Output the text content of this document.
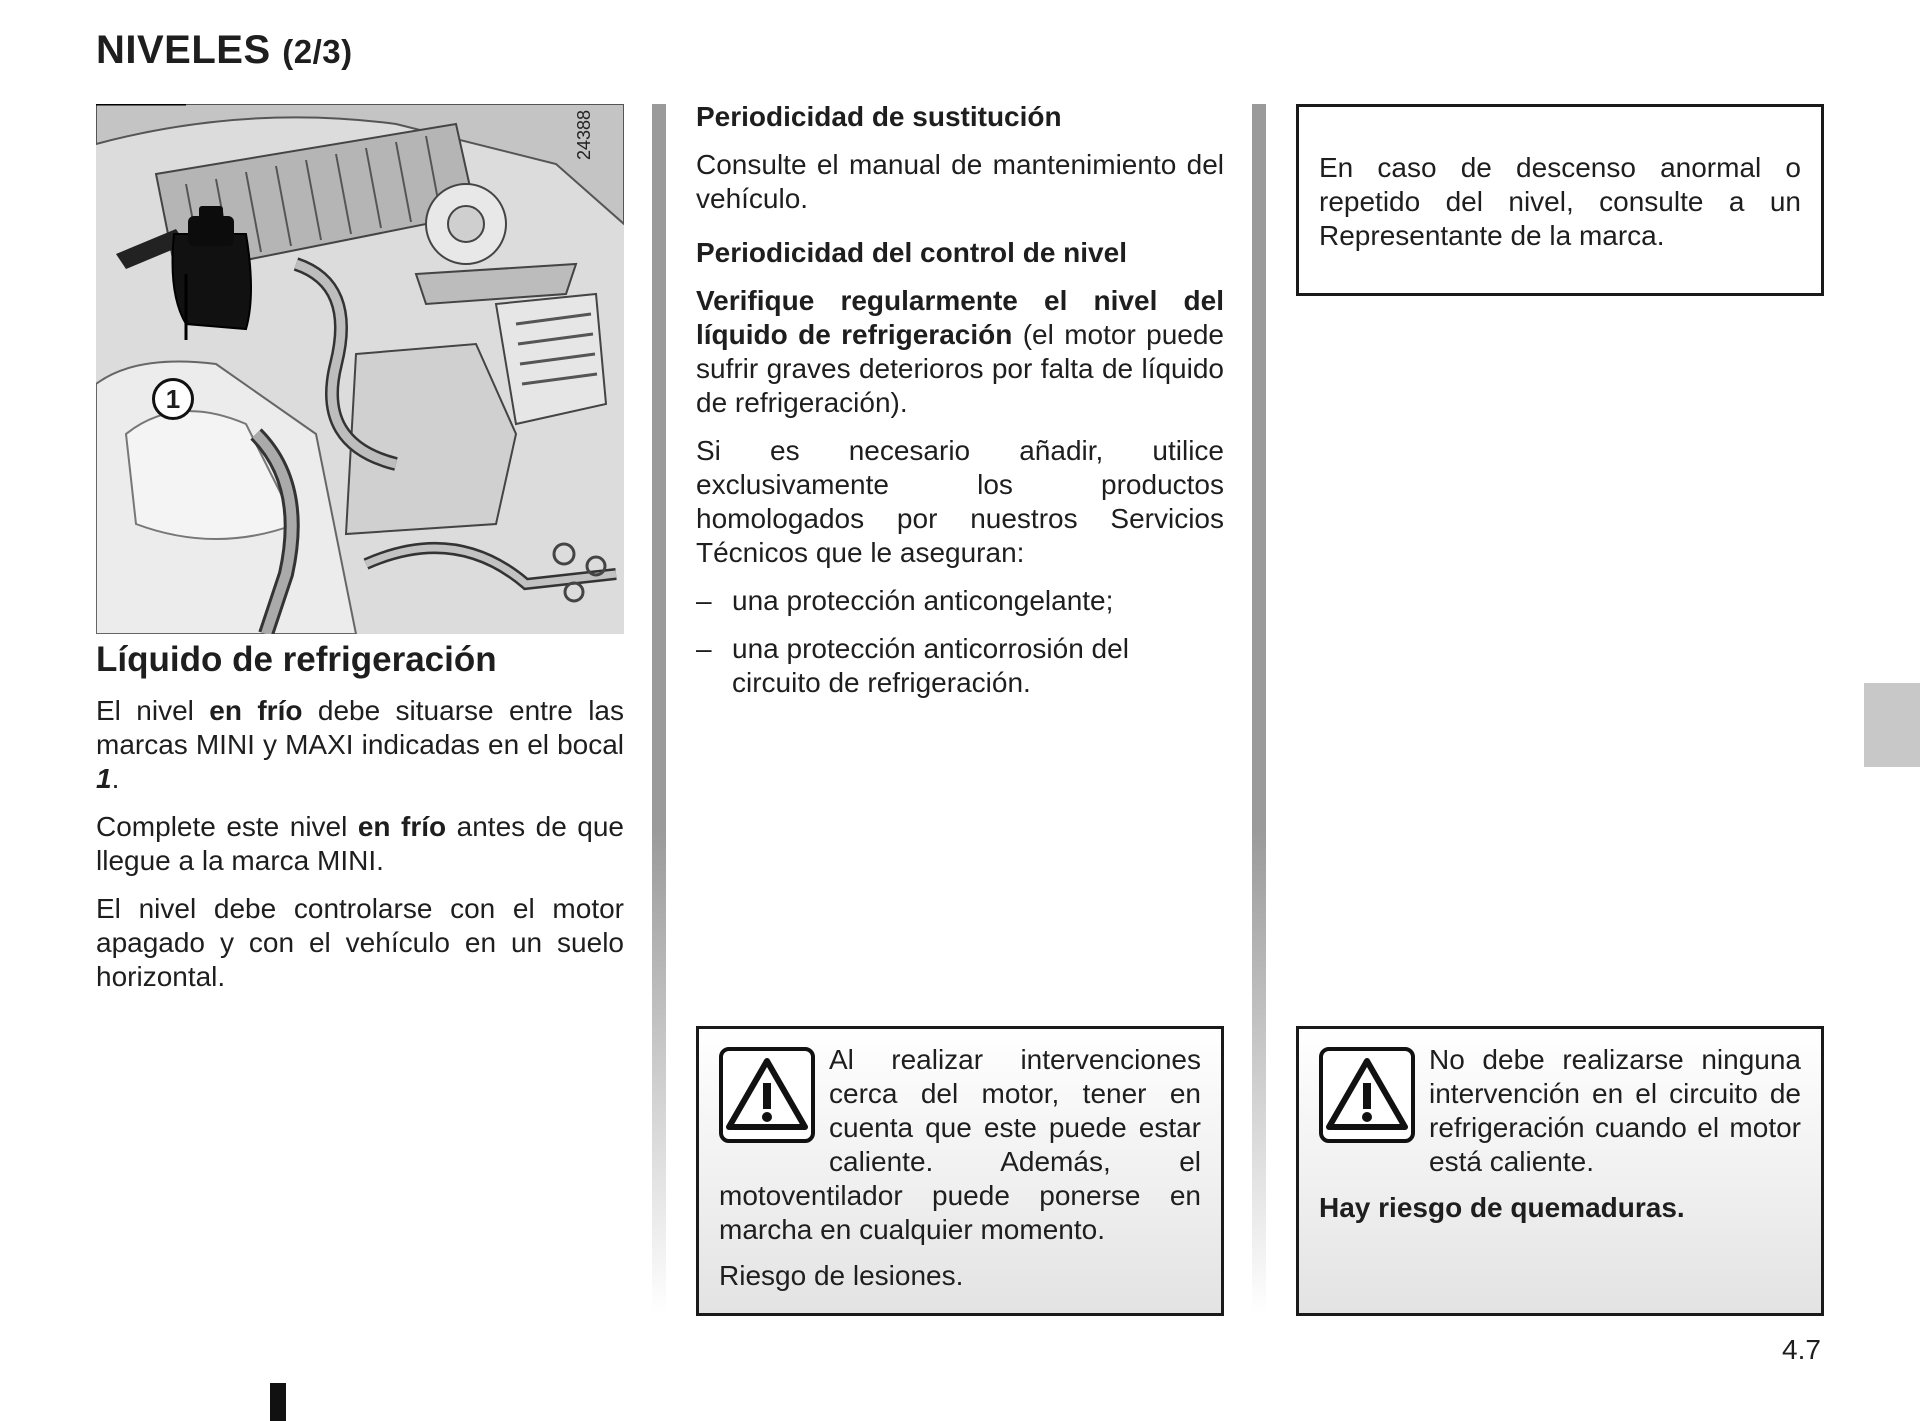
NIVELES (2/3)
24388
1
Líquido de refrigeración

El nivel en frío debe situarse entre las marcas MINI y MAXI indicadas en el bocal 1.

Complete este nivel en frío antes de que llegue a la marca MINI.

El nivel debe controlarse con el motor apagado y con el vehículo en un suelo horizontal.

Periodicidad de sustitución

Consulte el manual de mantenimiento del vehículo.

Periodicidad del control de nivel

Verifique regularmente el nivel del líquido de refrigeración (el motor puede sufrir graves deterioros por falta de líquido de refrigeración).

Si es necesario añadir, utilice exclusivamente los productos homologados por nuestros Servicios Técnicos que le aseguran:

– una protección anticongelante;
– una protección anticorrosión del circuito de refrigeración.

En caso de descenso anormal o repetido del nivel, consulte a un Representante de la marca.

Al realizar intervenciones cerca del motor, tener en cuenta que este puede estar caliente. Además, el motoventilador puede ponerse en marcha en cualquier momento.

Riesgo de lesiones.

No debe realizarse ninguna intervención en el circuito de refrigeración cuando el motor está caliente.

Hay riesgo de quemaduras.

4.7
